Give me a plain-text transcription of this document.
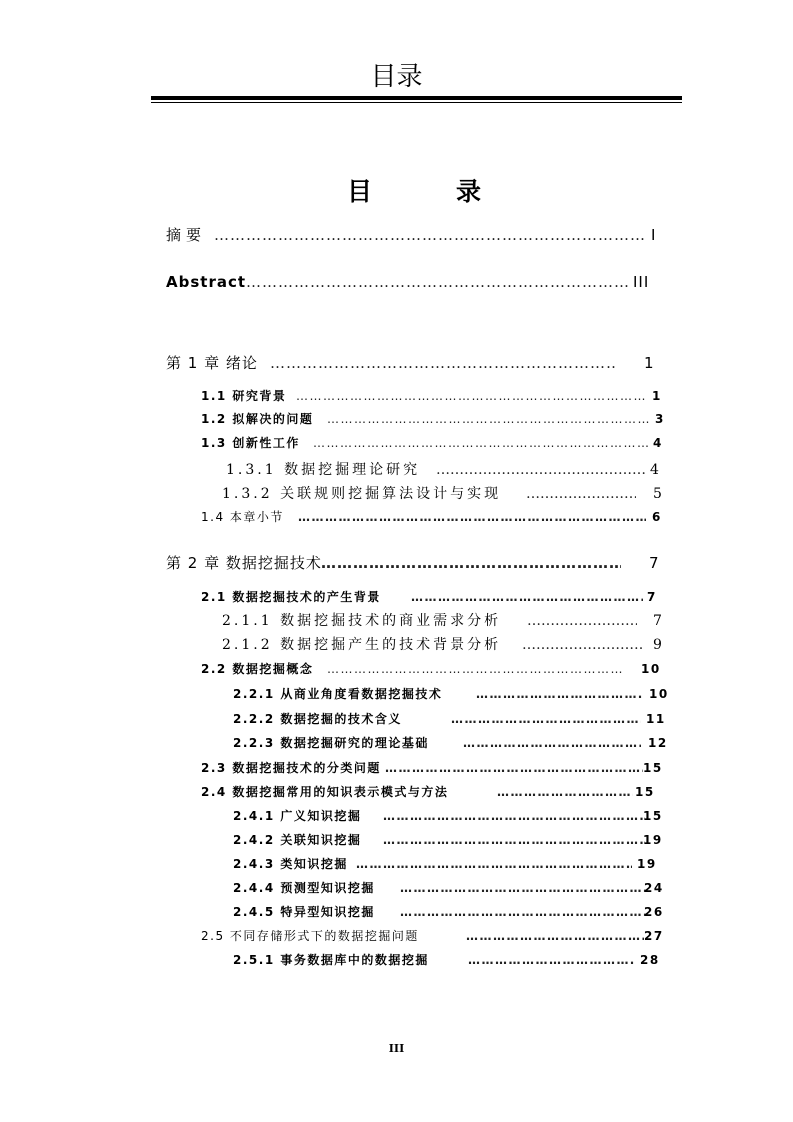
目录
目	录
摘要 ……………………………………………………………………………………………………………………………………………………………………………	I
Abstract ……………………………………………………………………………………………………………………………………………………………………………	III
第 1 章 绪论 ……………………………………………………………………………………………………………………………………………………………………………	1
1.1 研究背景 ……………………………………………………………………………………………………………………………………………………………………………	1
1.2 拟解决的问题 ……………………………………………………………………………………………………………………………………………………………………………	3
1.3 创新性工作 ……………………………………………………………………………………………………………………………………………………………………………	4
1.3.1 数据挖掘理论研究 ……………………………………………………………………………………………………………………………………………………………………………	4
1.3.2 关联规则挖掘算法设计与实现 ……………………………………………………………………………………………………………………………………………………………………………	5
1.4 本章小节 ……………………………………………………………………………………………………………………………………………………………………………	6
第 2 章 数据挖掘技术 ……………………………………………………………………………………………………………………………………………………………………………	7
2.1 数据挖掘技术的产生背景 ……………………………………………………………………………………………………………………………………………………………………………	7
2.1.1 数据挖掘技术的商业需求分析 ……………………………………………………………………………………………………………………………………………………………………………	7
2.1.2 数据挖掘产生的技术背景分析 ……………………………………………………………………………………………………………………………………………………………………………	9
2.2 数据挖掘概念 ……………………………………………………………………………………………………………………………………………………………………………	10
2.2.1 从商业角度看数据挖掘技术 ……………………………………………………………………………………………………………………………………………………………………………	10
2.2.2 数据挖掘的技术含义 ……………………………………………………………………………………………………………………………………………………………………………	11
2.2.3 数据挖掘研究的理论基础 ……………………………………………………………………………………………………………………………………………………………………………	12
2.3 数据挖掘技术的分类问题 ……………………………………………………………………………………………………………………………………………………………………………	15
2.4 数据挖掘常用的知识表示模式与方法 ……………………………………………………………………………………………………………………………………………………………………………	15
2.4.1 广义知识挖掘 ……………………………………………………………………………………………………………………………………………………………………………	15
2.4.2 关联知识挖掘 ……………………………………………………………………………………………………………………………………………………………………………	19
2.4.3 类知识挖掘 ……………………………………………………………………………………………………………………………………………………………………………	19
2.4.4 预测型知识挖掘 ……………………………………………………………………………………………………………………………………………………………………………	24
2.4.5 特异型知识挖掘 ……………………………………………………………………………………………………………………………………………………………………………	26
2.5 不同存储形式下的数据挖掘问题 ……………………………………………………………………………………………………………………………………………………………………………	27
2.5.1 事务数据库中的数据挖掘 ……………………………………………………………………………………………………………………………………………………………………………	28
III
